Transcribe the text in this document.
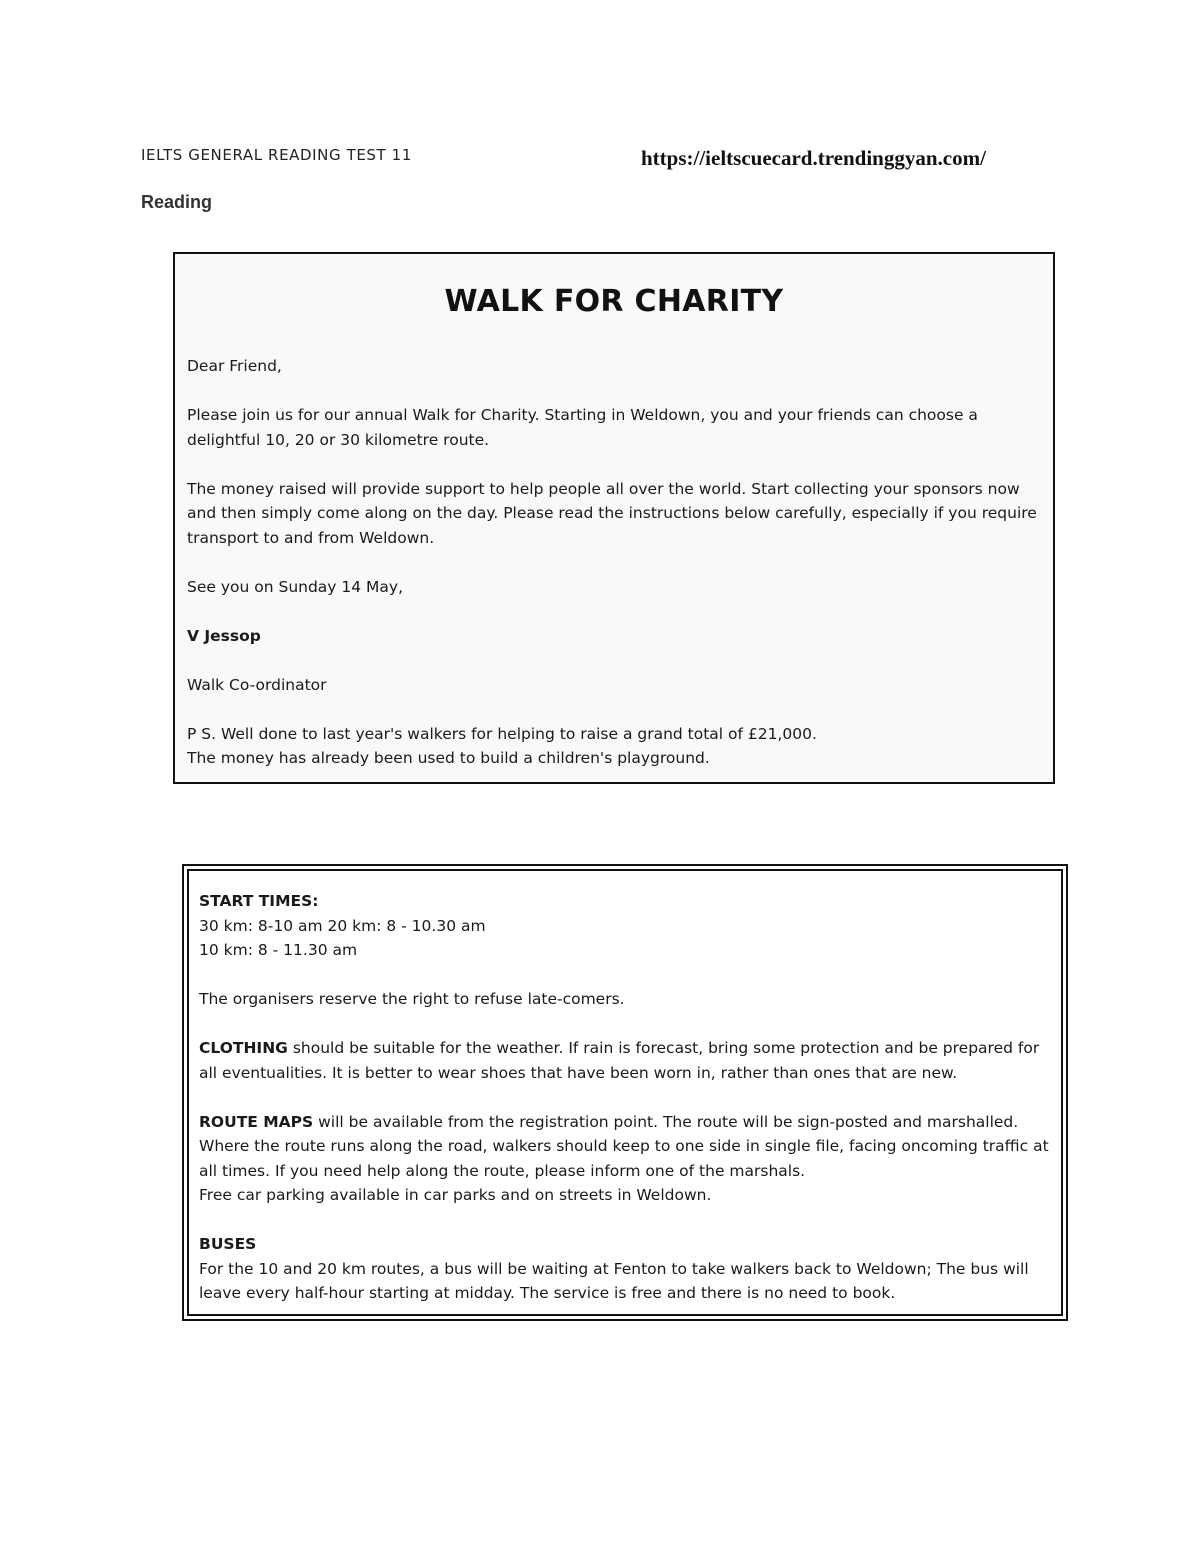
IELTS GENERAL READING TEST 11	https://ieltscuecard.trendinggyan.com/
Reading
WALK FOR CHARITY

Dear Friend,

Please join us for our annual Walk for Charity. Starting in Weldown, you and your friends can choose a delightful 10, 20 or 30 kilometre route.

The money raised will provide support to help people all over the world. Start collecting your sponsors now and then simply come along on the day. Please read the instructions below carefully, especially if you require transport to and from Weldown.

See you on Sunday 14 May,

V Jessop

Walk Co-ordinator

P S. Well done to last year's walkers for helping to raise a grand total of £21,000.

The money has already been used to build a children's playground.

START TIMES:
30 km: 8-10 am 20 km: 8 - 10.30 am
10 km: 8 - 11.30 am

The organisers reserve the right to refuse late-comers.

CLOTHING should be suitable for the weather. If rain is forecast, bring some protection and be prepared for all eventualities. It is better to wear shoes that have been worn in, rather than ones that are new.

ROUTE MAPS will be available from the registration point. The route will be sign-posted and marshalled. Where the route runs along the road, walkers should keep to one side in single file, facing oncoming traffic at all times. If you need help along the route, please inform one of the marshals.
Free car parking available in car parks and on streets in Weldown.

BUSES
For the 10 and 20 km routes, a bus will be waiting at Fenton to take walkers back to Weldown; The bus will leave every half-hour starting at midday. The service is free and there is no need to book.
